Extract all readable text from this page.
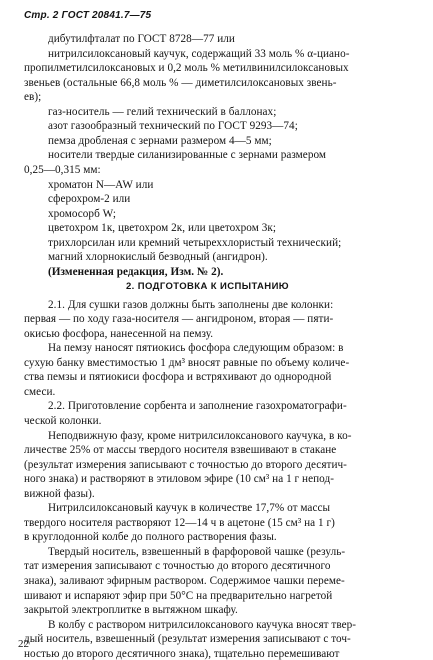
Стр. 2 ГОСТ 20841.7—75
дибутилфталат по ГОСТ 8728—77 или
нитрилсилоксановый каучук, содержащий 33 моль % α-циано-
пропилметилсилоксановых и 0,2 моль % метилвинилсилоксановых
звеньев (остальные 66,8 моль % — диметилсилоксановых звень-
ев);
газ-носитель — гелий технический в баллонах;
азот газообразный технический по ГОСТ 9293—74;
пемза дробленая с зернами размером 4—5 мм;
носители твердые силанизированные с зернами размером
0,25—0,315 мм:
хроматон N—AW или
сферохром-2 или
хромосорб W;
цветохром 1к, цветохром 2к, или цветохром 3к;
трихлорсилан или кремний четыреххлористый технический;
магний хлорнокислый безводный (ангидрон).
(Измененная редакция, Изм. № 2).
2. ПОДГОТОВКА К ИСПЫТАНИЮ
2.1. Для сушки газов должны быть заполнены две колонки:
первая — по ходу газа-носителя — ангидроном, вторая — пяти-
окисью фосфора, нанесенной на пемзу.
На пемзу наносят пятиокись фосфора следующим образом: в
сухую банку вместимостью 1 дм³ вносят равные по объему количе-
ства пемзы и пятиокиси фосфора и встряхивают до однородной
смеси.
2.2. Приготовление сорбента и заполнение газохроматографи-
ческой колонки.
Неподвижную фазу, кроме нитрилсилоксанового каучука, в ко-
личестве 25% от массы твердого носителя взвешивают в стакане
(результат измерения записывают с точностью до второго десятич-
ного знака) и растворяют в этиловом эфире (10 см³ на 1 г непод-
вижной фазы).
Нитрилсилоксановый каучук в количестве 17,7% от массы
твердого носителя растворяют 12—14 ч в ацетоне (15 см³ на 1 г)
в круглодонной колбе до полного растворения фазы.
Твердый носитель, взвешенный в фарфоровой чашке (резуль-
тат измерения записывают с точностью до второго десятичного
знака), заливают эфирным раствором. Содержимое чашки переме-
шивают и испаряют эфир при 50°С на предварительно нагретой
закрытой электроплитке в вытяжном шкафу.
В колбу с раствором нитрилсилоксанового каучука вносят твер-
дый носитель, взвешенный (результат измерения записывают с точ-
ностью до второго десятичного знака), тщательно перемешивают
22
